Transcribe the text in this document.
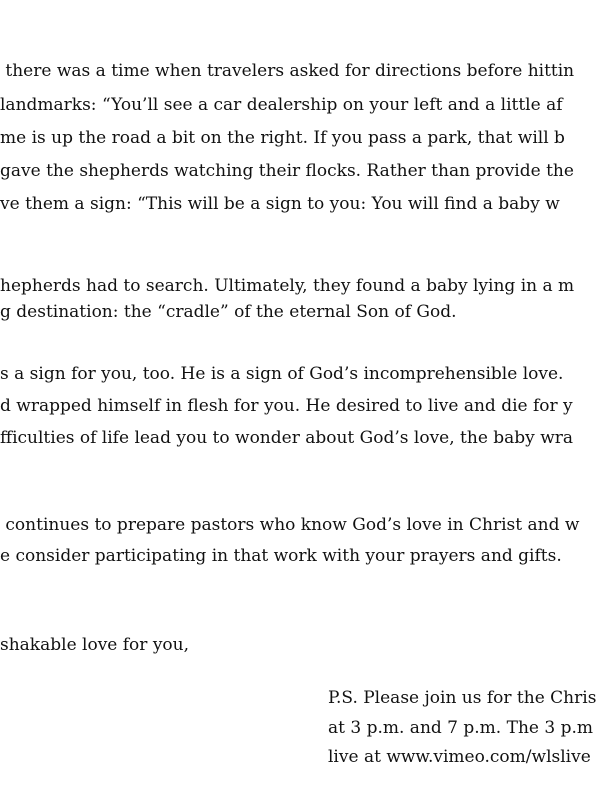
there was a time when travelers asked for directions before hittin
landmarks: “You’ll see a car dealership on your left and a little af
me is up the road a bit on the right. If you pass a park, that will b
gave the shepherds watching their flocks. Rather than provide the
ve them a sign: “This will be a sign to you: You will find a baby w
hepherds had to search. Ultimately, they found a baby lying in a m
g destination: the “cradle” of the eternal Son of God.
s a sign for you, too. He is a sign of God’s incomprehensible love.
d wrapped himself in flesh for you. He desired to live and die for y
fficulties of life lead you to wonder about God’s love, the baby wra
continues to prepare pastors who know God’s love in Christ and w
e consider participating in that work with your prayers and gifts.
shakable love for you,
P.S. Please join us for the Chris
at 3 p.m. and 7 p.m. The 3 p.m
live at www.vimeo.com/wlslive
